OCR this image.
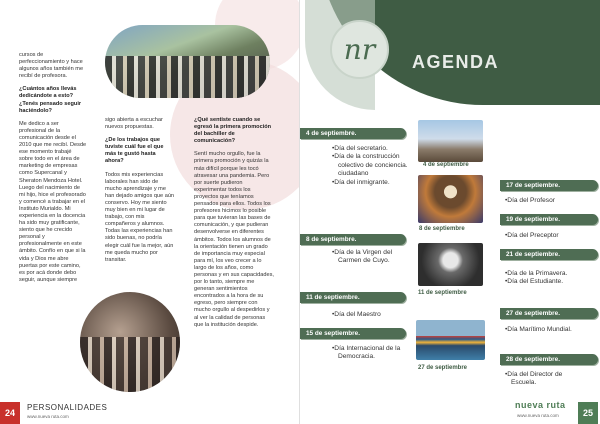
cursos de perfeccionamiento y hace algunos años también me recibí de profesora.

¿Cuántos años llevás dedicándote a esto? ¿Tenés pensado seguir haciéndolo?

Me dedico a ser profesional de la comunicación desde el 2010 que me recibí. Desde ese momento trabajé sobre todo en el área de marketing de empresas como Supercanal y Sheraton Mendoza Hotel. Luego del nacimiento de mi hijo, hice el profesorado y comencé a trabajar en el Instituto Murialdo. Mi experiencia en la docencia ha sido muy gratificante, siento que he crecido personal y profesionalmente en este ámbito. Confío en que si la vida y Dios me abre puertas por este camino, es por acá donde debo seguir, aunque siempre

sigo abierta a escuchar nuevos propuestas.

¿De los trabajos que tuviste cuál fue el que más te gustó hasta ahora?

Todos mis experiencias laborales han sido de mucho aprendizaje y me han dejado amigos que aún conservo. Hoy me siento muy bien en mi lugar de trabajo, con mis compañeros y alumnos. Todas las experiencias han sido buenas, no podría elegir cuál fue la mejor, aún me queda mucho por transitar.

¿Qué sentiste cuando se egresó la primera promoción del bachiller de comunicación?

Sentí mucho orgullo, fue la primera promoción y quizás la más difícil porque les tocó atravesar una pandemia. Pero por suerte pudieron experimentar todos los proyectos que teníamos pensados para ellos. Todos los profesores hicimos lo posible para que tuvieran las bases de comunicación, y que pudieran desenvolverse en diferentes ámbitos. Todos los alumnos de la orientación tienen un grado de importancia muy especial para mí, los veo crecer a lo largo de los años, como personas y en sus capacidades, por lo tanto, siempre me generan sentimientos encontrados a la hora de su egreso, pero siempre con mucho orgullo al despedirlos y al ver la calidad de personas que la institución despide.

24
PERSONALIDADES
www.nueva ruta.com
nr	AGENDA
4 de septiembre.
•Día del secretario.
•Día de la construcción colectivo de conciencia. ciudadano
•Día del inmigrante.
8 de septiembre.
•Día de la Virgen del Carmen de Cuyo.
11 de septiembre.
•Día del Maestro
15 de septiembre.
•Día Internacional de la Democracia.
4 de septiembre
8 de septiembre
11 de septiembre
27 de septiembre
17 de septiembre.
•Día del Profesor
19 de septiembre.
•Día del Preceptor
21 de septiembre.
•Día de la Primavera.
•Día del Estudiante.
27 de septiembre.
•Día Marítimo Mundial.
28 de septiembre.
•Día del Director de Escuela.
nueva ruta
www.nueva ruta.com	25
